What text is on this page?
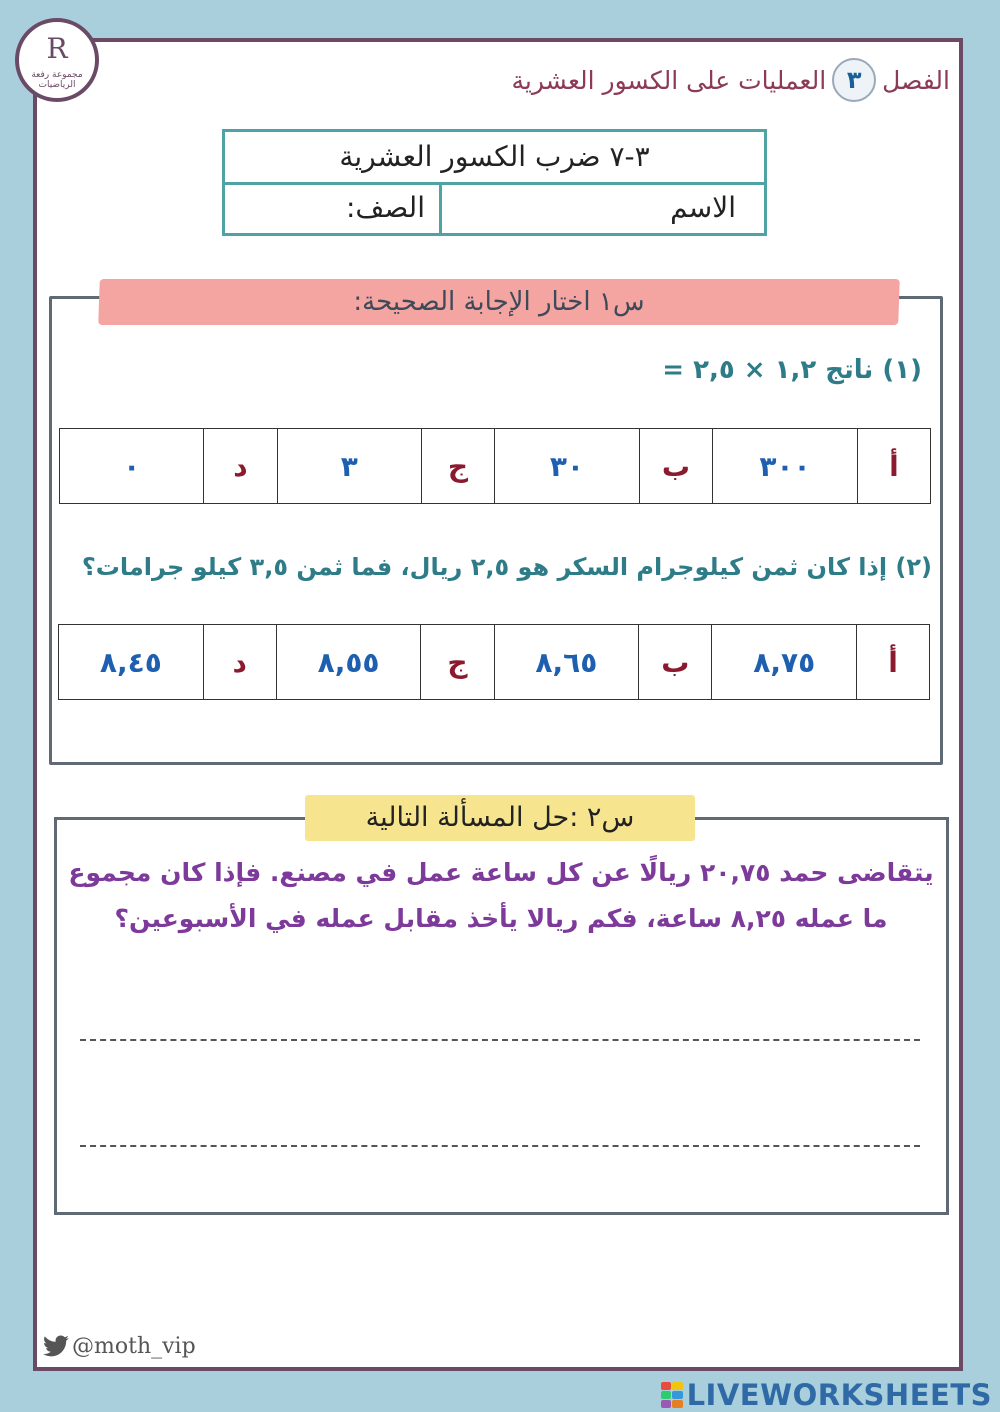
R
مجموعة رفعة الرياضيات	الفصل
٣
العمليات على الكسور العشرية
٣-٧ ضرب الكسور العشرية
الاسم
الصف:
س١ اختار الإجابة الصحيحة:
(١) ناتج ١,٢ × ٢,٥ =
أ	٣٠٠	ب	٣٠	ج	٣	د	٠
(٢) إذا كان ثمن كيلوجرام السكر هو ٢,٥ ريال، فما ثمن ٣,٥ كيلو جرامات؟
أ	٨,٧٥	ب	٨,٦٥	ج	٨,٥٥	د	٨,٤٥
س٢ :حل المسألة التالية
يتقاضى حمد ٢٠,٧٥ ريالًا عن كل ساعة عمل في مصنع. فإذا كان مجموع
ما عمله ٨,٢٥ ساعة، فكم ريالا يأخذ مقابل عمله في الأسبوعين؟
@moth_vip
LIVEWORKSHEETS
